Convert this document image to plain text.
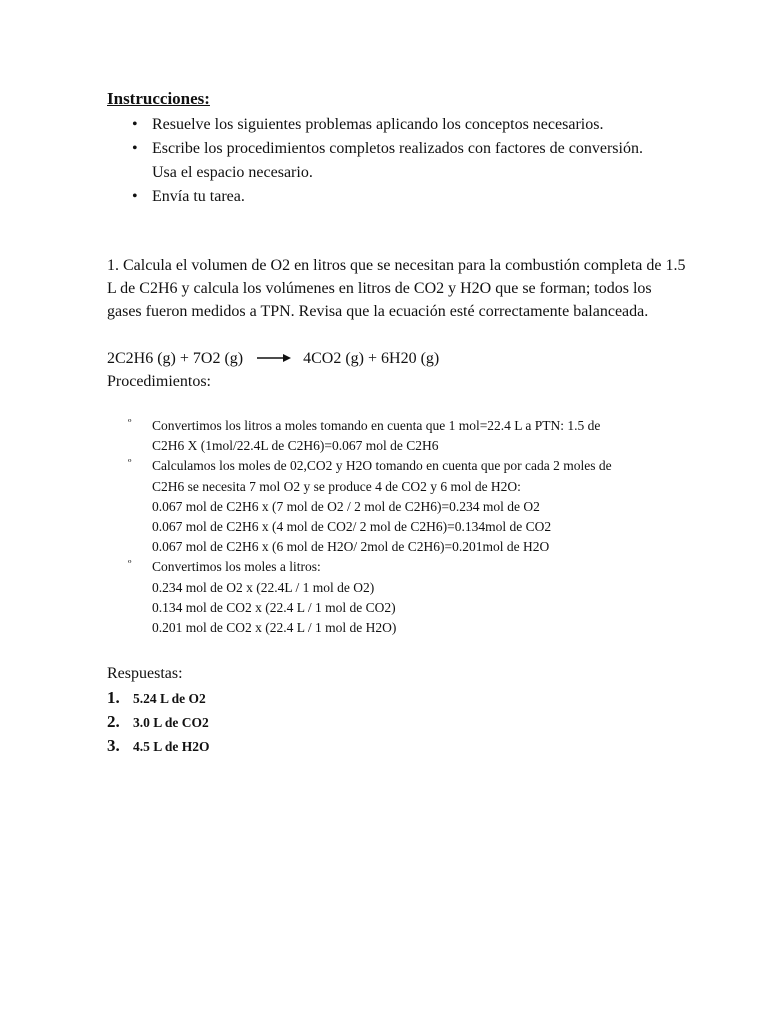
Instrucciones:
• Resuelve los siguientes problemas aplicando los conceptos necesarios.
• Escribe los procedimientos completos realizados con factores de conversión. Usa el espacio necesario.
• Envía tu tarea.
1. Calcula el volumen de O2 en litros que se necesitan para la combustión completa de 1.5 L de C2H6 y calcula los volúmenes en litros de CO2 y H2O que se forman; todos los gases fueron medidos a TPN. Revisa que la ecuación esté correctamente balanceada.
2C2H6 (g) + 7O2 (g) → 4CO2 (g) + 6H20 (g)
Procedimientos:
º Convertimos los litros a moles tomando en cuenta que 1 mol=22.4 L a PTN: 1.5 de
C2H6 X (1mol/22.4L de C2H6)=0.067 mol de C2H6
º Calculamos los moles de 02,CO2 y H2O tomando en cuenta que por cada 2 moles de
C2H6 se necesita 7 mol O2 y se produce 4 de CO2 y 6 mol de H2O:
0.067 mol de C2H6 x (7 mol de O2 / 2 mol de C2H6)=0.234 mol de O2
0.067 mol de C2H6 x (4 mol de CO2/ 2 mol de C2H6)=0.134mol de CO2
0.067 mol de C2H6 x (6 mol de H2O/ 2mol de C2H6)=0.201mol de H2O
º Convertimos los moles a litros:
0.234 mol de O2 x (22.4L / 1 mol de O2)
0.134 mol de CO2 x (22.4 L / 1 mol de CO2)
0.201 mol de CO2 x (22.4 L / 1 mol de H2O)
Respuestas:
1. 5.24 L de O2
2. 3.0 L de CO2
3. 4.5 L de H2O
